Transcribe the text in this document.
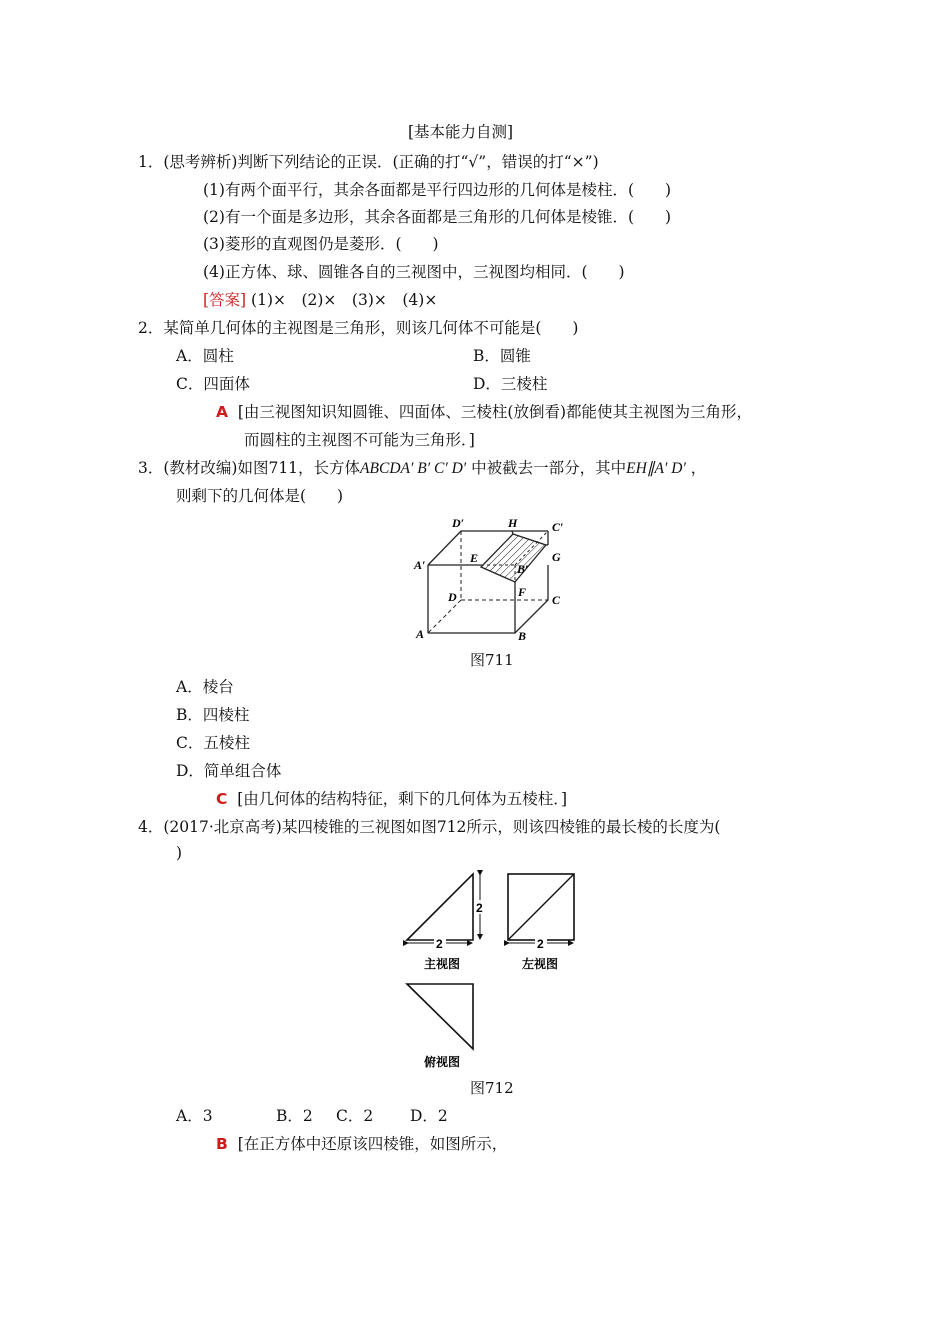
[基本能力自测]
1．(思考辨析)判断下列结论的正误．(正确的打“√”，错误的打“×”)
(1)有两个面平行，其余各面都是平行四边形的几何体是棱柱．(　　)
(2)有一个面是多边形，其余各面都是三角形的几何体是棱锥．(　　)
(3)菱形的直观图仍是菱形．(　　)
(4)正方体、球、圆锥各自的三视图中，三视图均相同．(　　)
[答案] (1)×　(2)×　(3)×　(4)×
2．某简单几何体的主视图是三角形，则该几何体不可能是(　　)
A．圆柱	B．圆锥
C．四面体	D．三棱柱
A [由三视图知识知圆锥、四面体、三棱柱(放倒看)都能使其主视图为三角形，
而圆柱的主视图不可能为三角形．]
3．(教材改编)如图711，长方体ABCDA′ B′ C′ D′ 中被截去一部分，其中EH∥A′ D′ ，
则剩下的几何体是(　　)
D′	H	C′
E	G
A′	B′
D	F
C
A	B
图711
A．棱台
B．四棱柱
C．五棱柱
D．简单组合体
C [由几何体的结构特征，剩下的几何体为五棱柱．]
4．(2017·北京高考)某四棱锥的三视图如图712所示，则该四棱锥的最长棱的长度为(
)
2
2
主视图
2
左视图
俯视图
图712
A．3	B．2 C．2 D．2
B [在正方体中还原该四棱锥，如图所示，
